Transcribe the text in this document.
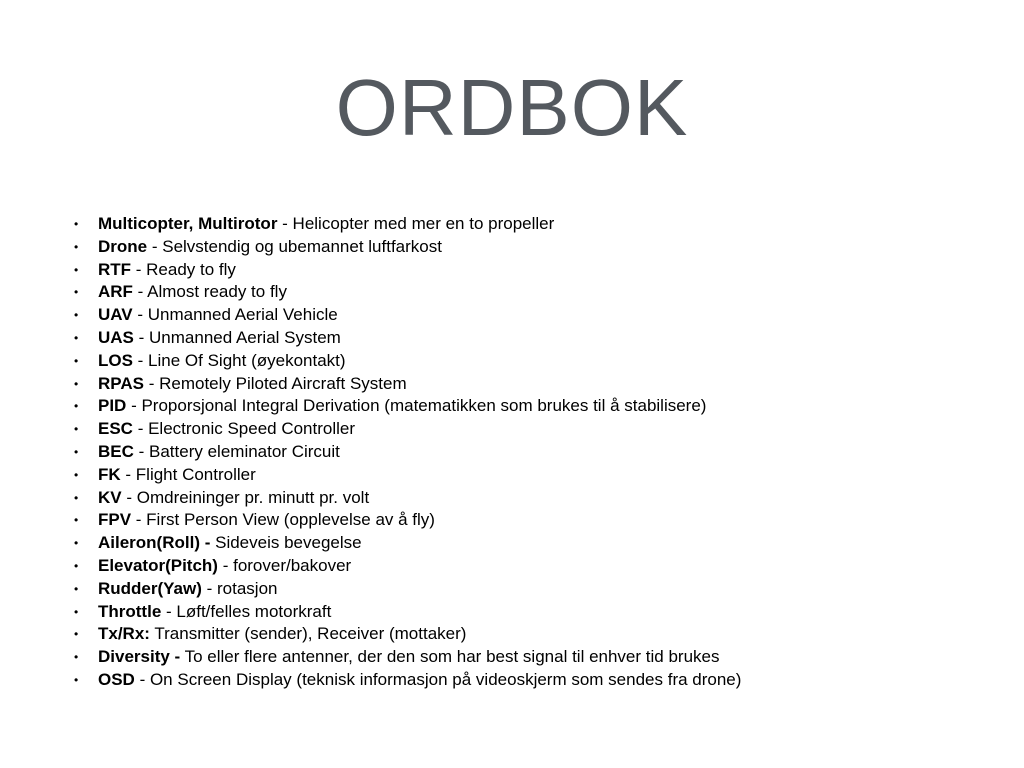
ORDBOK
• Multicopter, Multirotor - Helicopter med mer en to propeller
• Drone - Selvstendig og ubemannet luftfarkost
• RTF - Ready to fly
• ARF - Almost ready to fly
• UAV - Unmanned Aerial Vehicle
• UAS - Unmanned Aerial System
• LOS - Line Of Sight (øyekontakt)
• RPAS - Remotely Piloted Aircraft System
• PID - Proporsjonal Integral Derivation (matematikken som brukes til å stabilisere)
• ESC - Electronic Speed Controller
• BEC - Battery eleminator Circuit
• FK - Flight Controller
• KV - Omdreininger pr. minutt pr. volt
• FPV - First Person View (opplevelse av å fly)
• Aileron(Roll) - Sideveis bevegelse
• Elevator(Pitch) - forover/bakover
• Rudder(Yaw) - rotasjon
• Throttle - Løft/felles motorkraft
• Tx/Rx: Transmitter (sender), Receiver (mottaker)
• Diversity - To eller flere antenner, der den som har best signal til enhver tid brukes
• OSD - On Screen Display (teknisk informasjon på videoskjerm som sendes fra drone)
